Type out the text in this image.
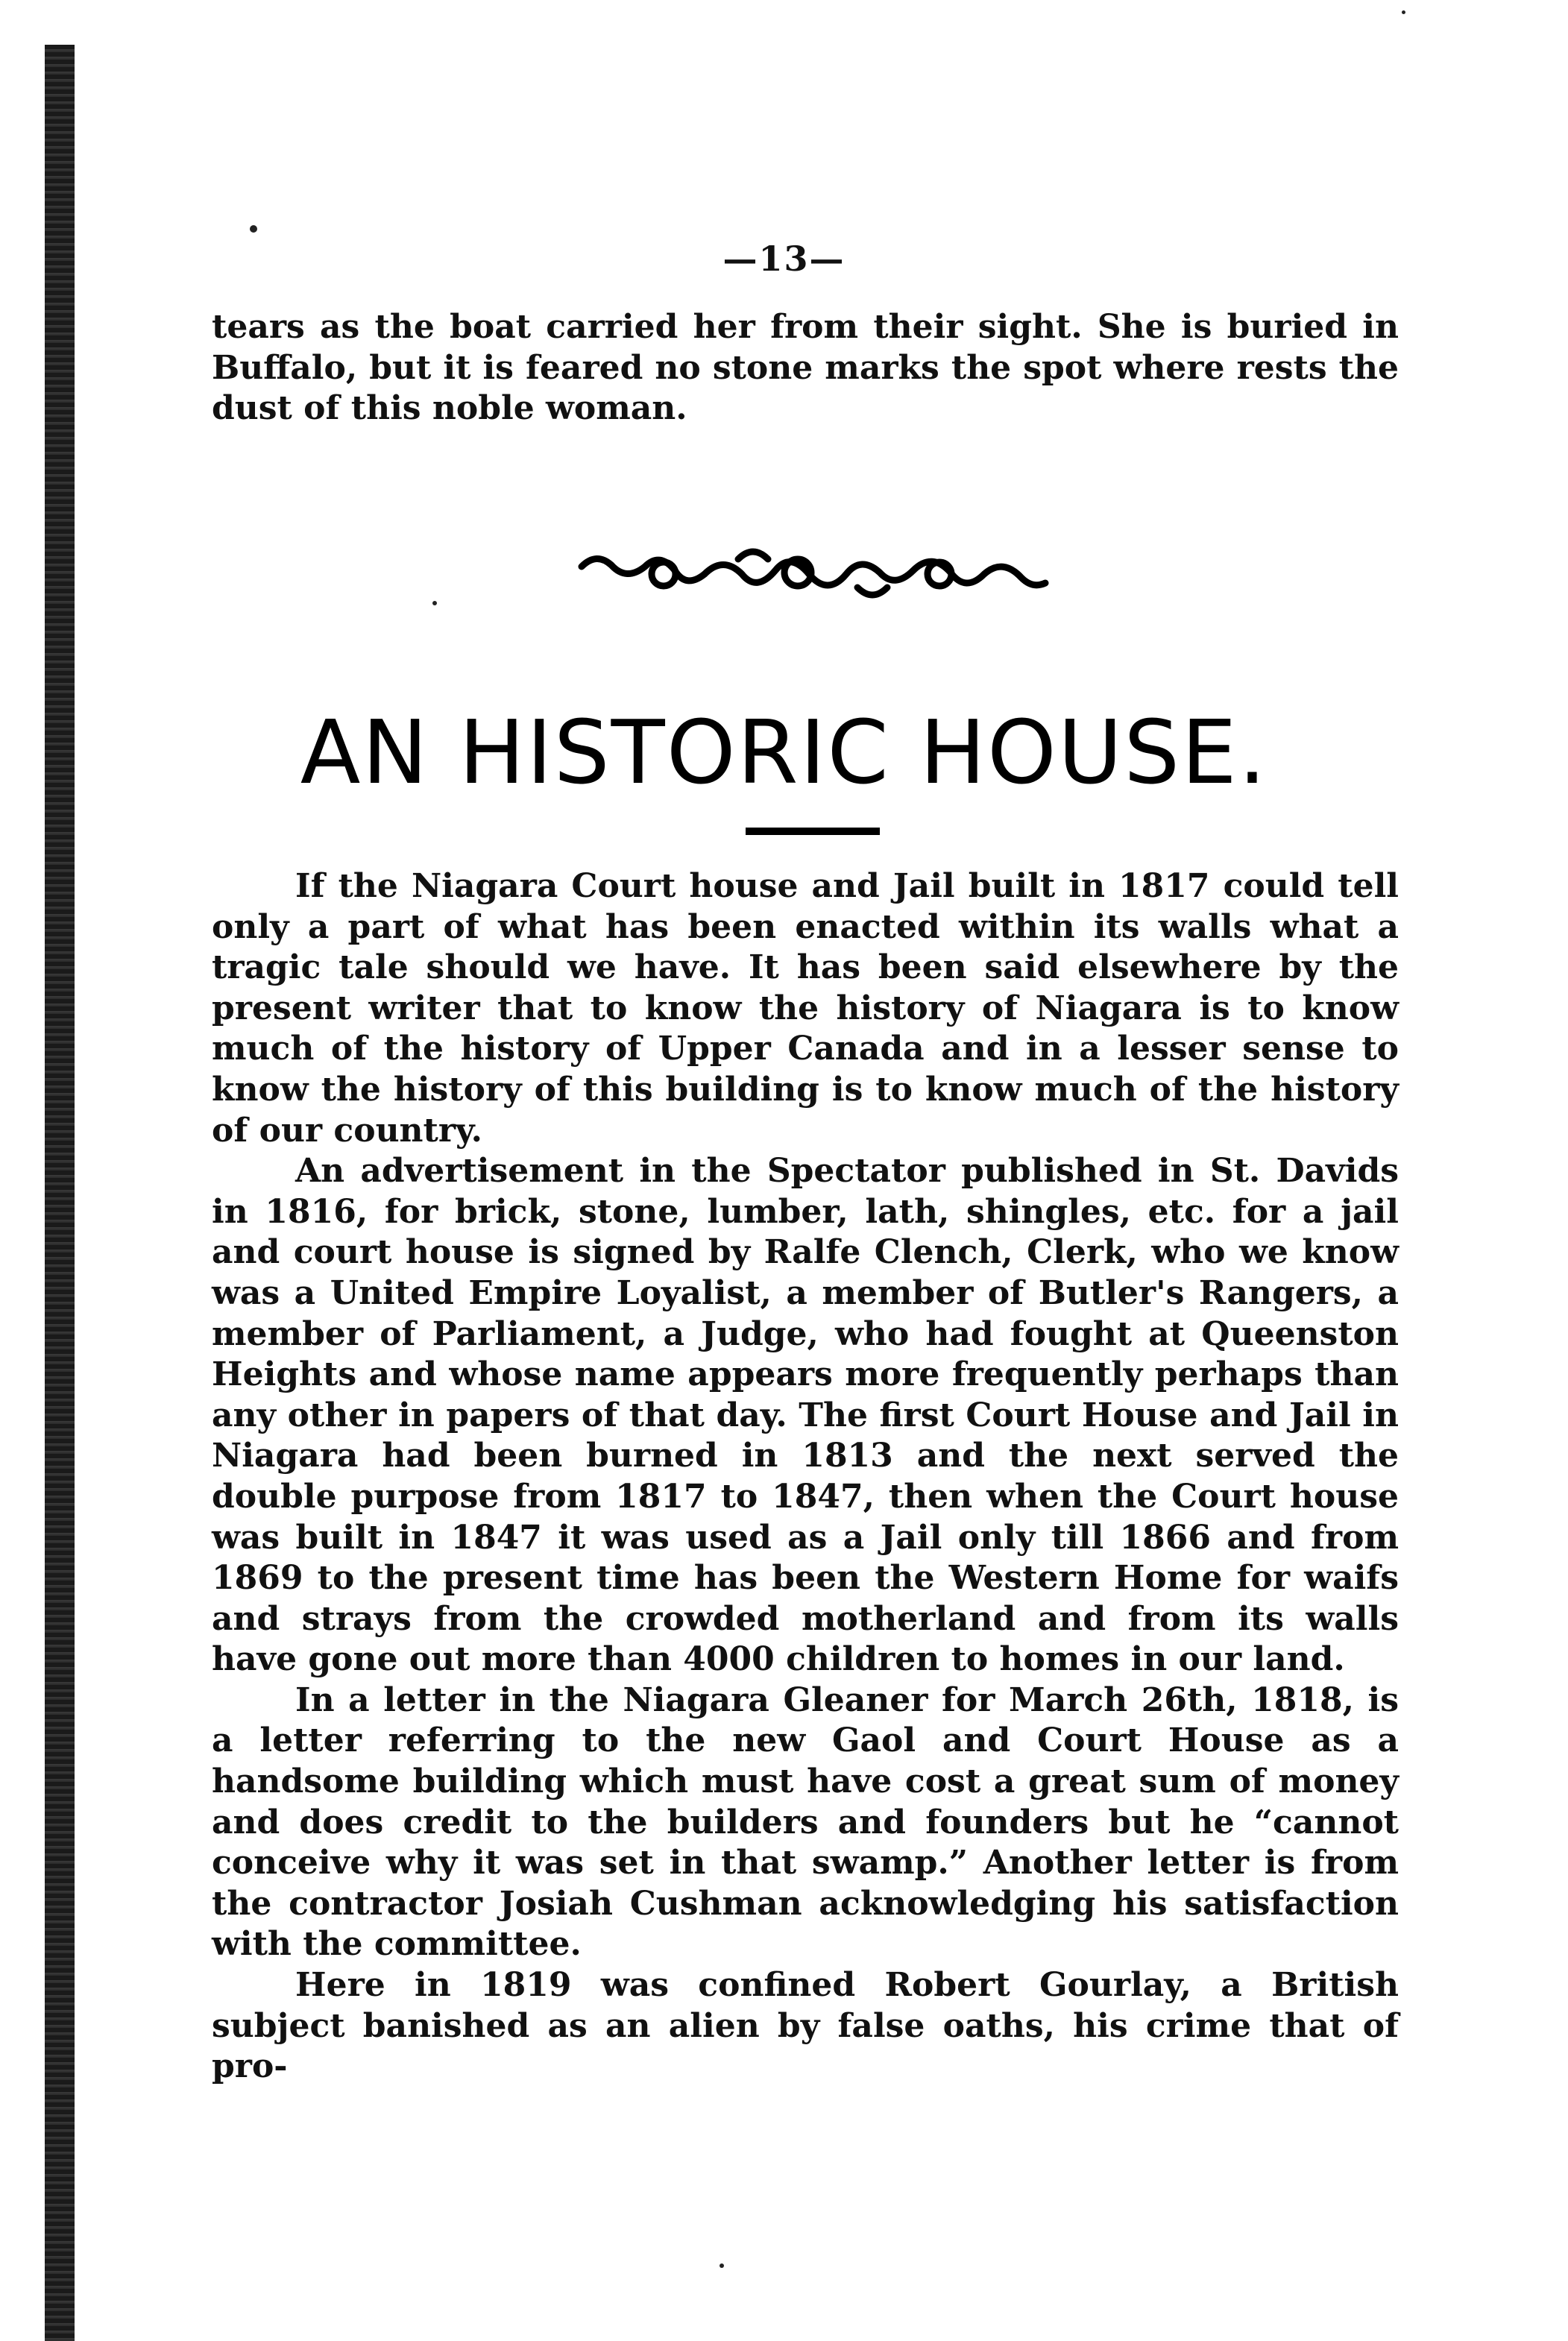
—13—

tears as the boat carried her from their sight. She is buried in Buffalo, but it is feared no stone marks the spot where rests the dust of this noble woman.

AN HISTORIC HOUSE.

If the Niagara Court house and Jail built in 1817 could tell only a part of what has been enacted within its walls what a tragic tale should we have. It has been said elsewhere by the present writer that to know the history of Niagara is to know much of the history of Upper Canada and in a lesser sense to know the history of this building is to know much of the history of our country.

An advertisement in the Spectator published in St. Davids in 1816, for brick, stone, lumber, lath, shingles, etc. for a jail and court house is signed by Ralfe Clench, Clerk, who we know was a United Empire Loyalist, a member of Butler's Rangers, a member of Parliament, a Judge, who had fought at Queenston Heights and whose name appears more frequently perhaps than any other in papers of that day. The first Court House and Jail in Niagara had been burned in 1813 and the next served the double purpose from 1817 to 1847, then when the Court house was built in 1847 it was used as a Jail only till 1866 and from 1869 to the present time has been the Western Home for waifs and strays from the crowded motherland and from its walls have gone out more than 4000 children to homes in our land.

In a letter in the Niagara Gleaner for March 26th, 1818, is a letter referring to the new Gaol and Court House as a handsome building which must have cost a great sum of money and does credit to the builders and founders but he “cannot conceive why it was set in that swamp.” Another letter is from the contractor Josiah Cushman acknowledging his satisfaction with the committee.

Here in 1819 was confined Robert Gourlay, a British subject banished as an alien by false oaths, his crime that of pro-
